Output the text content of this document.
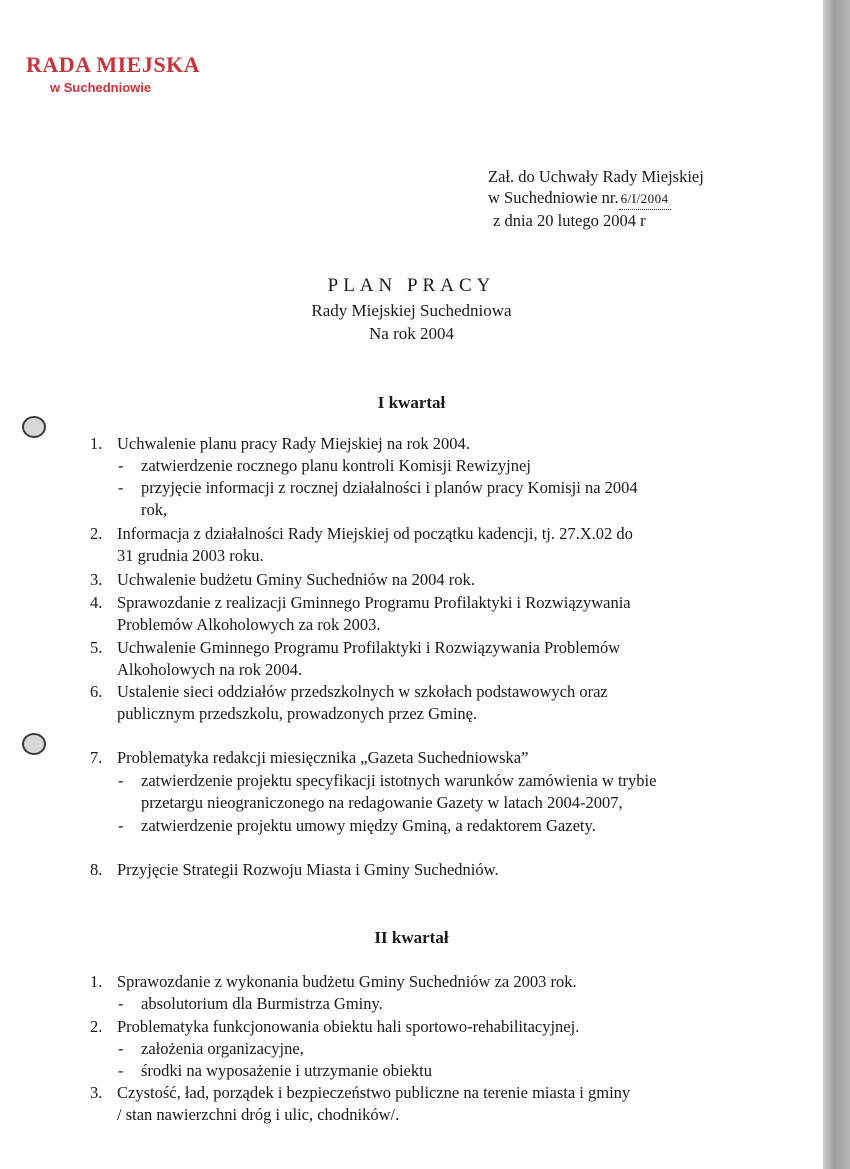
RADA MIEJSKA
w Suchedniowie
Zał. do Uchwały Rady Miejskiej
w Suchedniowie nr. 6/I/2004
z dnia 20 lutego 2004 r
PLAN PRACY
Rady Miejskiej Suchedniowa
Na rok 2004
I kwartał
1. Uchwalenie planu pracy Rady Miejskiej na rok 2004.
- zatwierdzenie rocznego planu kontroli Komisji Rewizyjnej
- przyjęcie informacji z rocznej działalności i planów pracy Komisji na 2004
rok,
2. Informacja z działalności Rady Miejskiej od początku kadencji, tj. 27.X.02 do
31 grudnia 2003 roku.
3. Uchwalenie budżetu Gminy Suchedniów na 2004 rok.
4. Sprawozdanie z realizacji Gminnego Programu Profilaktyki i Rozwiązywania
Problemów Alkoholowych za rok 2003.
5. Uchwalenie Gminnego Programu Profilaktyki i Rozwiązywania Problemów
Alkoholowych na rok 2004.
6. Ustalenie sieci oddziałów przedszkolnych w szkołach podstawowych oraz
publicznym przedszkolu, prowadzonych przez Gminę.
7. Problematyka redakcji miesięcznika „Gazeta Suchedniowska”
- zatwierdzenie projektu specyfikacji istotnych warunków zamówienia w trybie
przetargu nieograniczonego na redagowanie Gazety w latach 2004-2007,
- zatwierdzenie projektu umowy między Gminą, a redaktorem Gazety.
8. Przyjęcie Strategii Rozwoju Miasta i Gminy Suchedniów.
II kwartał
1. Sprawozdanie z wykonania budżetu Gminy Suchedniów za 2003 rok.
- absolutorium dla Burmistrza Gminy.
2. Problematyka funkcjonowania obiektu hali sportowo-rehabilitacyjnej.
- założenia organizacyjne,
- środki na wyposażenie i utrzymanie obiektu
3. Czystość, ład, porządek i bezpieczeństwo publiczne na terenie miasta i gminy
/ stan nawierzchni dróg i ulic, chodników/.
